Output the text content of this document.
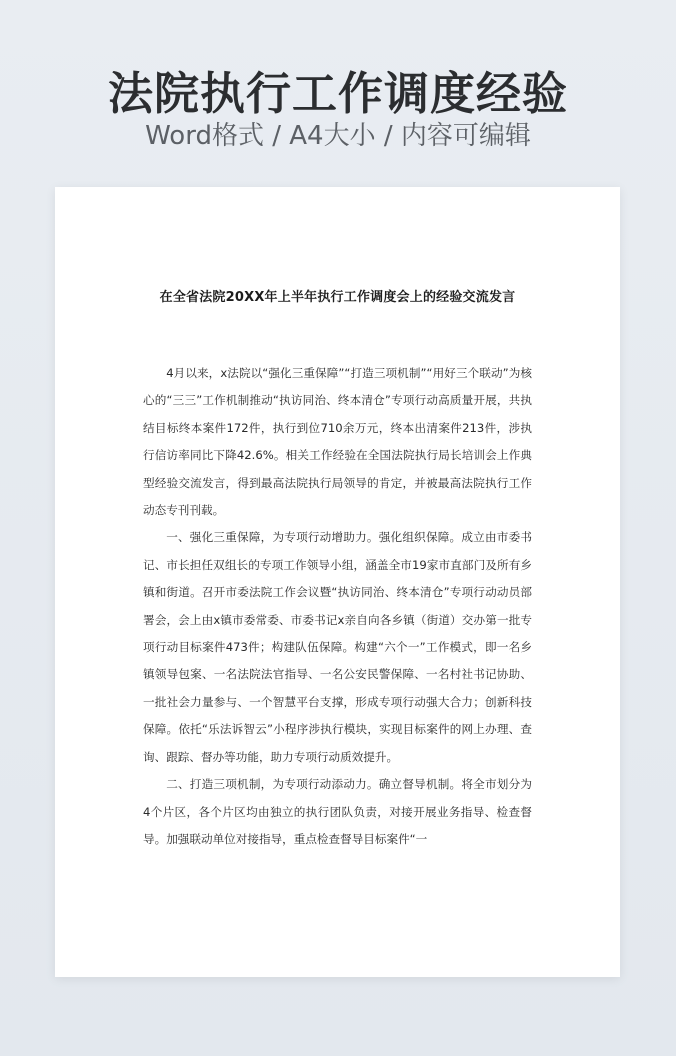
法院执行工作调度经验
Word格式 / A4大小 / 内容可编辑
在全省法院20XX年上半年执行工作调度会上的经验交流发言

4月以来，x法院以“强化三重保障”“打造三项机制”“用好三个联动”为核心的“三三”工作机制推动“执访同治、终本清仓”专项行动高质量开展，共执结目标终本案件172件，执行到位710余万元，终本出清案件213件，涉执行信访率同比下降42.6%。相关工作经验在全国法院执行局长培训会上作典型经验交流发言，得到最高法院执行局领导的肯定，并被最高法院执行工作动态专刊刊载。

一、强化三重保障，为专项行动增助力。强化组织保障。成立由市委书记、市长担任双组长的专项工作领导小组，涵盖全市19家市直部门及所有乡镇和街道。召开市委法院工作会议暨“执访同治、终本清仓”专项行动动员部署会，会上由x镇市委常委、市委书记x亲自向各乡镇（街道）交办第一批专项行动目标案件473件；构建队伍保障。构建“六个一”工作模式，即一名乡镇领导包案、一名法院法官指导、一名公安民警保障、一名村社书记协助、一批社会力量参与、一个智慧平台支撑，形成专项行动强大合力；创新科技保障。依托“乐法诉智云”小程序涉执行模块，实现目标案件的网上办理、查询、跟踪、督办等功能，助力专项行动质效提升。

二、打造三项机制，为专项行动添动力。确立督导机制。将全市划分为4个片区，各个片区均由独立的执行团队负责，对接开展业务指导、检查督导。加强联动单位对接指导，重点检查督导目标案件“一
